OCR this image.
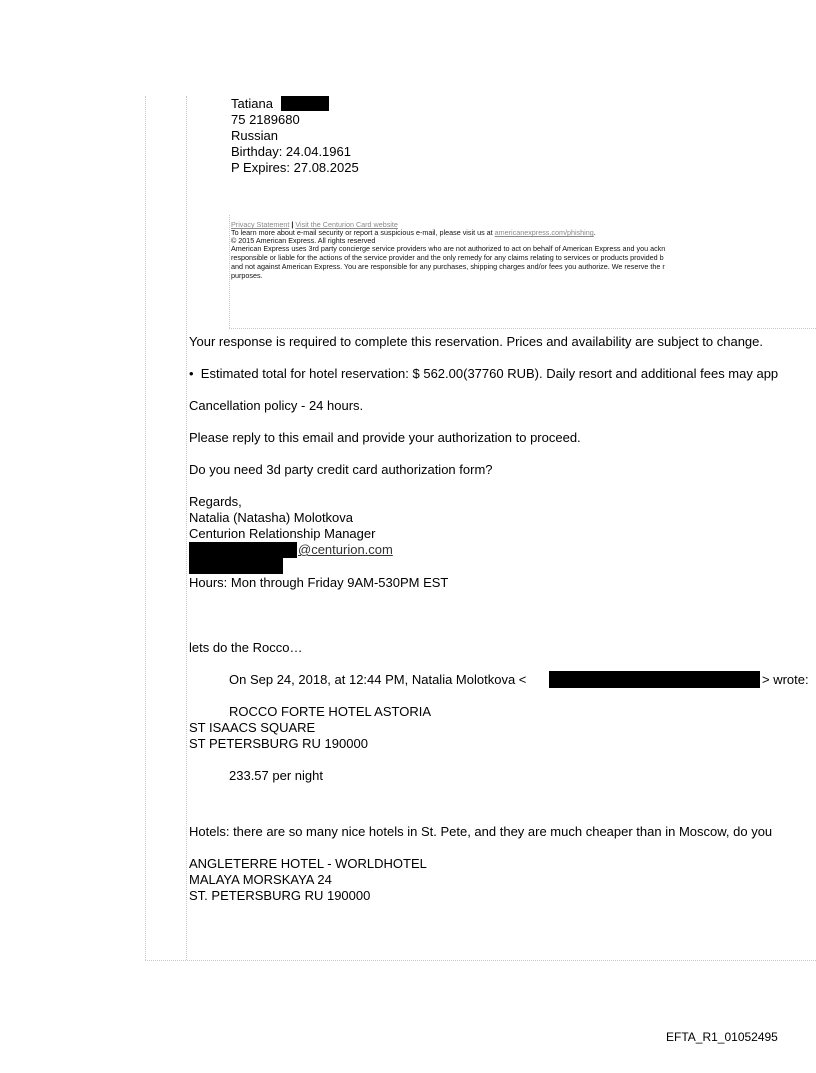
Tatiana
75 2189680
Russian
Birthday: 24.04.1961
P Expires: 27.08.2025
Privacy Statement | Visit the Centurion Card website
To learn more about e-mail security or report a suspicious e-mail, please visit us at americanexpress.com/phishing.
© 2015 American Express. All rights reserved
American Express uses 3rd party concierge service providers who are not authorized to act on behalf of American Express and you ackn
responsible or liable for the actions of the service provider and the only remedy for any claims relating to services or products provided b
and not against American Express. You are responsible for any purchases, shipping charges and/or fees you authorize. We reserve the r
purposes.
Your response is required to complete this reservation. Prices and availability are subject to change.
• Estimated total for hotel reservation: $ 562.00(37760 RUB). Daily resort and additional fees may app
Cancellation policy - 24 hours.
Please reply to this email and provide your authorization to proceed.
Do you need 3d party credit card authorization form?
Regards,
Natalia (Natasha) Molotkova
Centurion Relationship Manager
@centurion.com
Hours: Mon through Friday 9AM-530PM EST
lets do the Rocco…
On Sep 24, 2018, at 12:44 PM, Natalia Molotkova <	> wrote:
ROCCO FORTE HOTEL ASTORIA
ST ISAACS SQUARE
ST PETERSBURG RU 190000
233.57 per night
Hotels: there are so many nice hotels in St. Pete, and they are much cheaper than in Moscow, do you
ANGLETERRE HOTEL - WORLDHOTEL
MALAYA MORSKAYA 24
ST. PETERSBURG RU 190000
EFTA_R1_01052495
